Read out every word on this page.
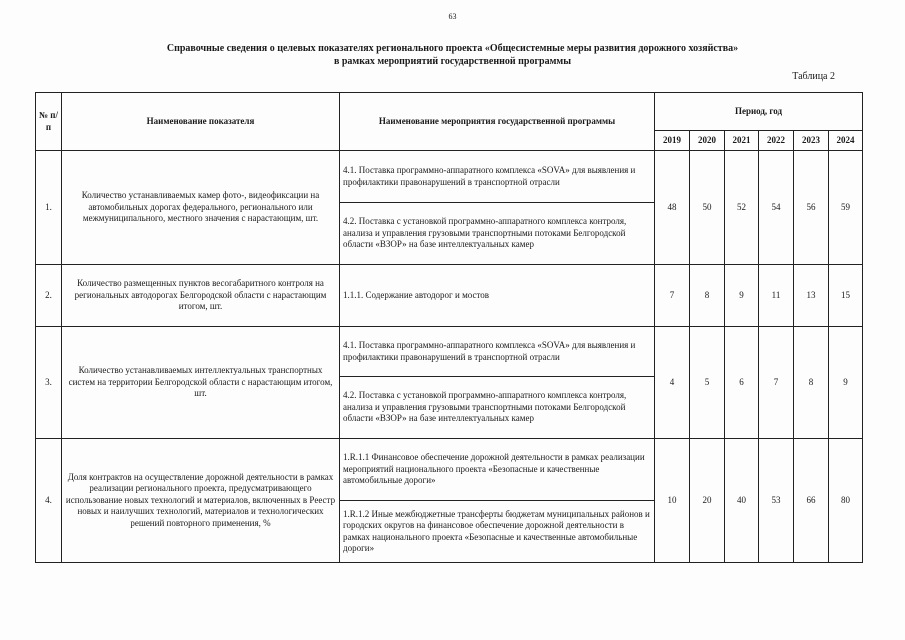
63
Справочные сведения о целевых показателях регионального проекта «Общесистемные меры развития дорожного хозяйства»
в рамках мероприятий государственной программы
Таблица 2
№ п/п	Наименование показателя	Наименование мероприятия государственной программы	Период, год					
			2019	2020	2021	2022	2023	2024
1.	Количество устанавливаемых камер фото-, видеофиксации на автомобильных дорогах федерального, регионального или межмуниципального, местного значения с нарастающим, шт.	4.1. Поставка программно-аппаратного комплекса «SOVA» для выявления и профилактики правонарушений в транспортной отрасли	48	50	52	54	56	59
		4.2. Поставка с установкой программно-аппаратного комплекса контроля, анализа и управления грузовыми транспортными потоками Белгородской области «ВЗОР» на базе интеллектуальных камер						
2.	Количество размещенных пунктов весогабаритного контроля на региональных автодорогах Белгородской области с нарастающим итогом, шт.	1.1.1. Содержание автодорог и мостов	7	8	9	11	13	15
3.	Количество устанавливаемых интеллектуальных транспортных систем на территории Белгородской области с нарастающим итогом, шт.	4.1. Поставка программно-аппаратного комплекса «SOVA» для выявления и профилактики правонарушений в транспортной отрасли	4	5	6	7	8	9
		4.2. Поставка с установкой программно-аппаратного комплекса контроля, анализа и управления грузовыми транспортными потоками Белгородской области «ВЗОР» на базе интеллектуальных камер						
4.	Доля контрактов на осуществление дорожной деятельности в рамках реализации регионального проекта, предусматривающего использование новых технологий и материалов, включенных в Реестр новых и наилучших технологий, материалов и технологических решений повторного применения, %	1.R.1.1 Финансовое обеспечение дорожной деятельности в рамках реализации мероприятий национального проекта «Безопасные и качественные автомобильные дороги»	10	20	40	53	66	80
		1.R.1.2 Иные межбюджетные трансферты бюджетам муниципальных районов и городских округов на финансовое обеспечение дорожной деятельности в рамках национального проекта «Безопасные и качественные автомобильные дороги»						
